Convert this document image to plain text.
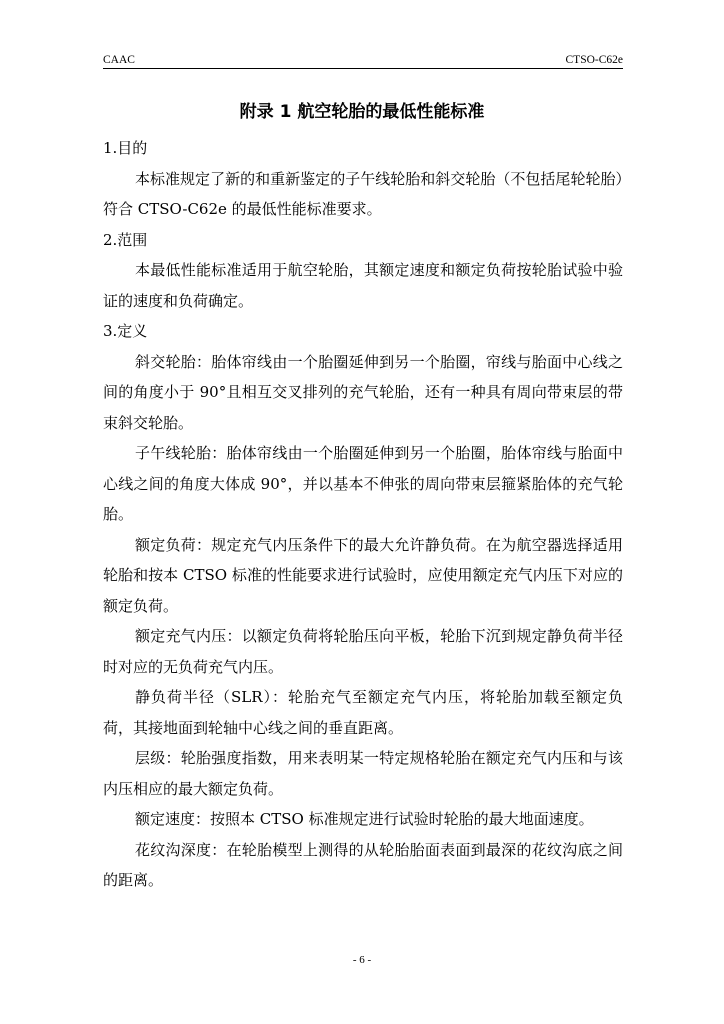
CAAC	CTSO-C62e
附录 1 航空轮胎的最低性能标准

1.目的

本标准规定了新的和重新鉴定的子午线轮胎和斜交轮胎（不包括尾轮轮胎）符合 CTSO-C62e 的最低性能标准要求。

2.范围

本最低性能标准适用于航空轮胎，其额定速度和额定负荷按轮胎试验中验证的速度和负荷确定。

3.定义

斜交轮胎：胎体帘线由一个胎圈延伸到另一个胎圈，帘线与胎面中心线之间的角度小于 90°且相互交叉排列的充气轮胎，还有一种具有周向带束层的带束斜交轮胎。

子午线轮胎：胎体帘线由一个胎圈延伸到另一个胎圈，胎体帘线与胎面中心线之间的角度大体成 90°，并以基本不伸张的周向带束层箍紧胎体的充气轮胎。

额定负荷：规定充气内压条件下的最大允许静负荷。在为航空器选择适用轮胎和按本 CTSO 标准的性能要求进行试验时，应使用额定充气内压下对应的额定负荷。

额定充气内压：以额定负荷将轮胎压向平板，轮胎下沉到规定静负荷半径时对应的无负荷充气内压。

静负荷半径（SLR）：轮胎充气至额定充气内压，将轮胎加载至额定负荷，其接地面到轮轴中心线之间的垂直距离。

层级：轮胎强度指数，用来表明某一特定规格轮胎在额定充气内压和与该内压相应的最大额定负荷。

额定速度：按照本 CTSO 标准规定进行试验时轮胎的最大地面速度。

花纹沟深度：在轮胎模型上测得的从轮胎胎面表面到最深的花纹沟底之间的距离。

- 6 -
